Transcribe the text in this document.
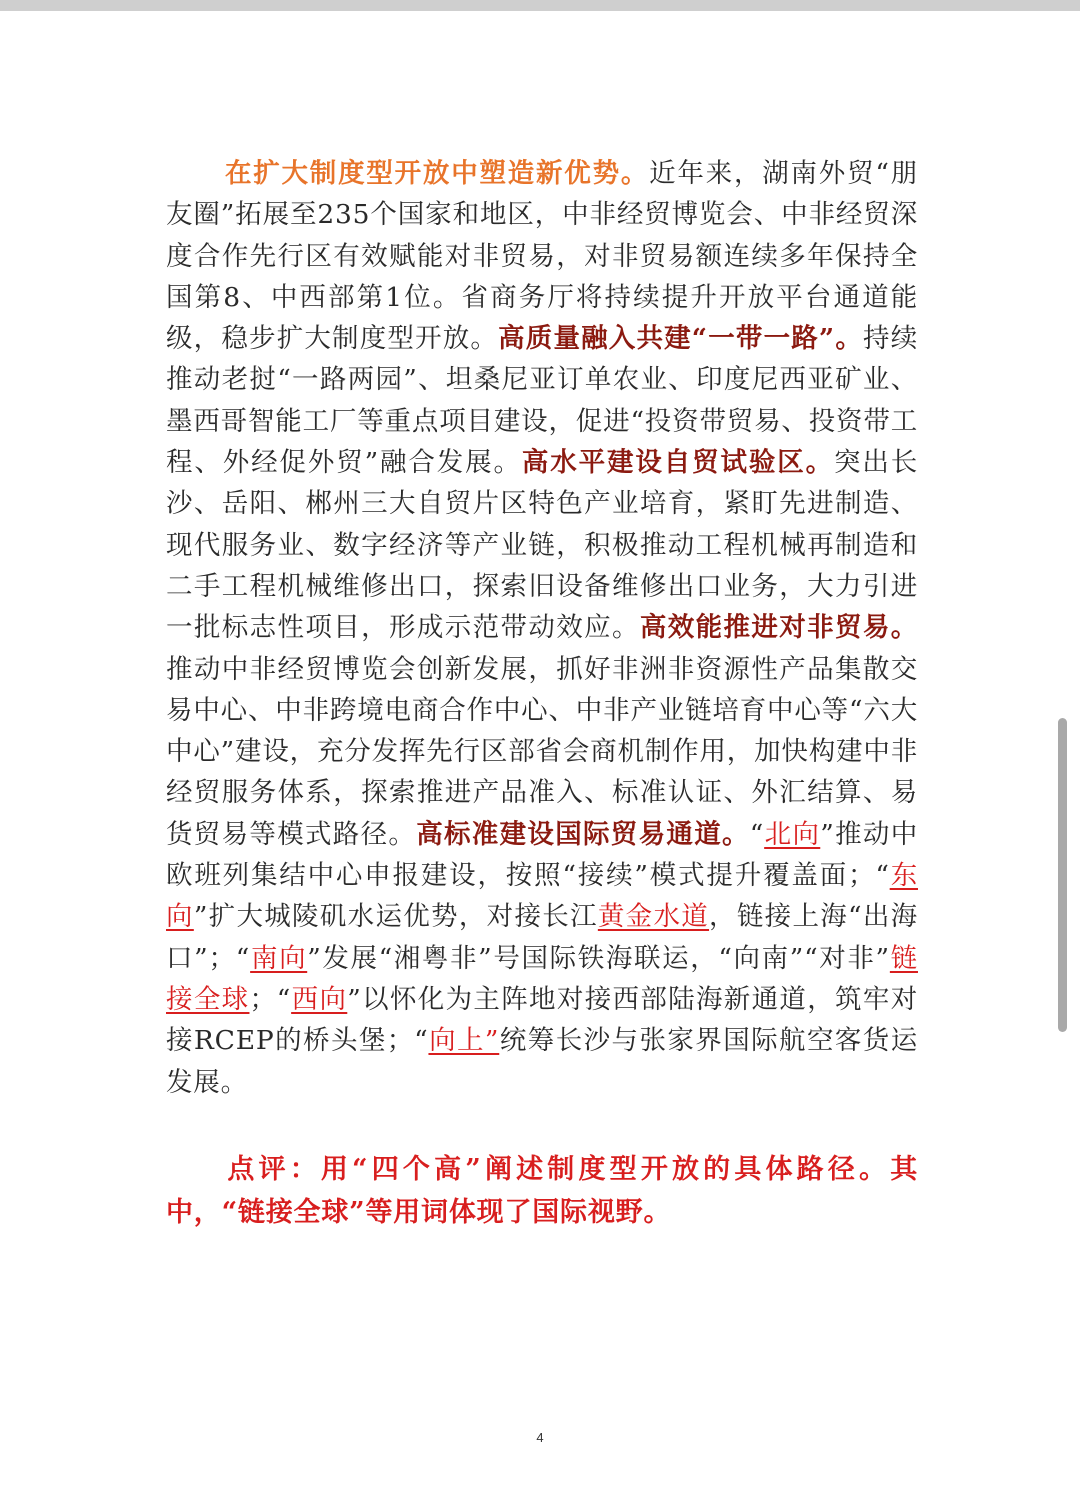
在扩大制度型开放中塑造新优势。近年来，湖南外贸“朋友圈”拓展至235个国家和地区，中非经贸博览会、中非经贸深度合作先行区有效赋能对非贸易，对非贸易额连续多年保持全国第8、中西部第1位。省商务厅将持续提升开放平台通道能级，稳步扩大制度型开放。高质量融入共建“一带一路”。持续推动老挝“一路两园”、坦桑尼亚订单农业、印度尼西亚矿业、墨西哥智能工厂等重点项目建设，促进“投资带贸易、投资带工程、外经促外贸”融合发展。高水平建设自贸试验区。突出长沙、岳阳、郴州三大自贸片区特色产业培育，紧盯先进制造、现代服务业、数字经济等产业链，积极推动工程机械再制造和二手工程机械维修出口，探索旧设备维修出口业务，大力引进一批标志性项目，形成示范带动效应。高效能推进对非贸易。推动中非经贸博览会创新发展，抓好非洲非资源性产品集散交易中心、中非跨境电商合作中心、中非产业链培育中心等“六大中心”建设，充分发挥先行区部省会商机制作用，加快构建中非经贸服务体系，探索推进产品准入、标准认证、外汇结算、易货贸易等模式路径。高标准建设国际贸易通道。“北向”推动中欧班列集结中心申报建设，按照“接续”模式提升覆盖面；“东向”扩大城陵矶水运优势，对接长江黄金水道，链接上海“出海口”；“南向”发展“湘粤非”号国际铁海联运，“向南”“对非”链接全球；“西向”以怀化为主阵地对接西部陆海新通道，筑牢对接RCEP的桥头堡；“向上”统筹长沙与张家界国际航空客货运发展。

点评：用“四个高”阐述制度型开放的具体路径。其中，“链接全球”等用词体现了国际视野。

4
